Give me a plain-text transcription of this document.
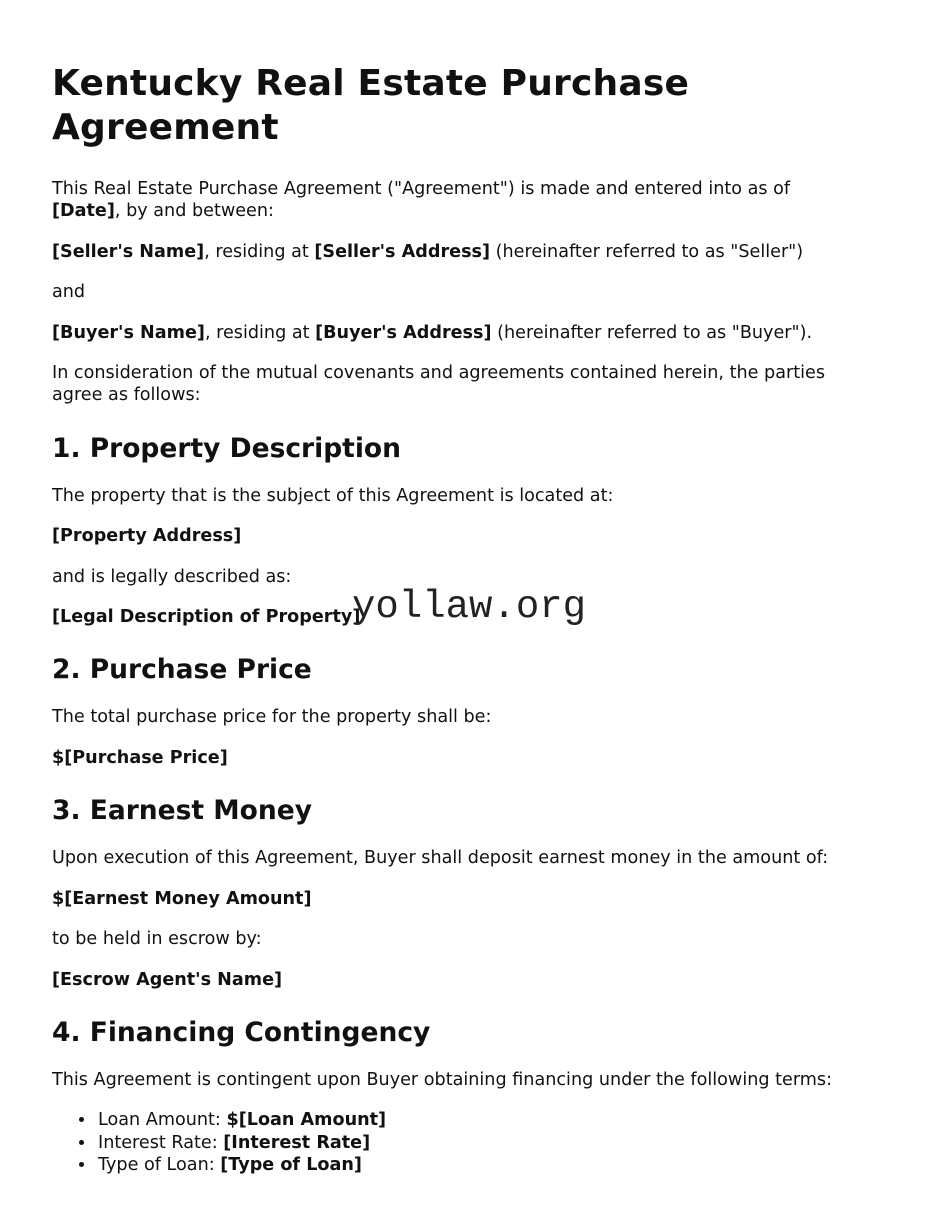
yollaw.org
Kentucky Real Estate Purchase Agreement

This Real Estate Purchase Agreement ("Agreement") is made and entered into as of
[Date], by and between:

[Seller's Name], residing at [Seller's Address] (hereinafter referred to as "Seller")

and

[Buyer's Name], residing at [Buyer's Address] (hereinafter referred to as "Buyer").

In consideration of the mutual covenants and agreements contained herein, the parties
agree as follows:

1. Property Description

The property that is the subject of this Agreement is located at:

[Property Address]

and is legally described as:

[Legal Description of Property]

2. Purchase Price

The total purchase price for the property shall be:

$[Purchase Price]

3. Earnest Money

Upon execution of this Agreement, Buyer shall deposit earnest money in the amount of:

$[Earnest Money Amount]

to be held in escrow by:

[Escrow Agent's Name]

4. Financing Contingency

This Agreement is contingent upon Buyer obtaining financing under the following terms:

• Loan Amount: $[Loan Amount]
• Interest Rate: [Interest Rate]
• Type of Loan: [Type of Loan]
